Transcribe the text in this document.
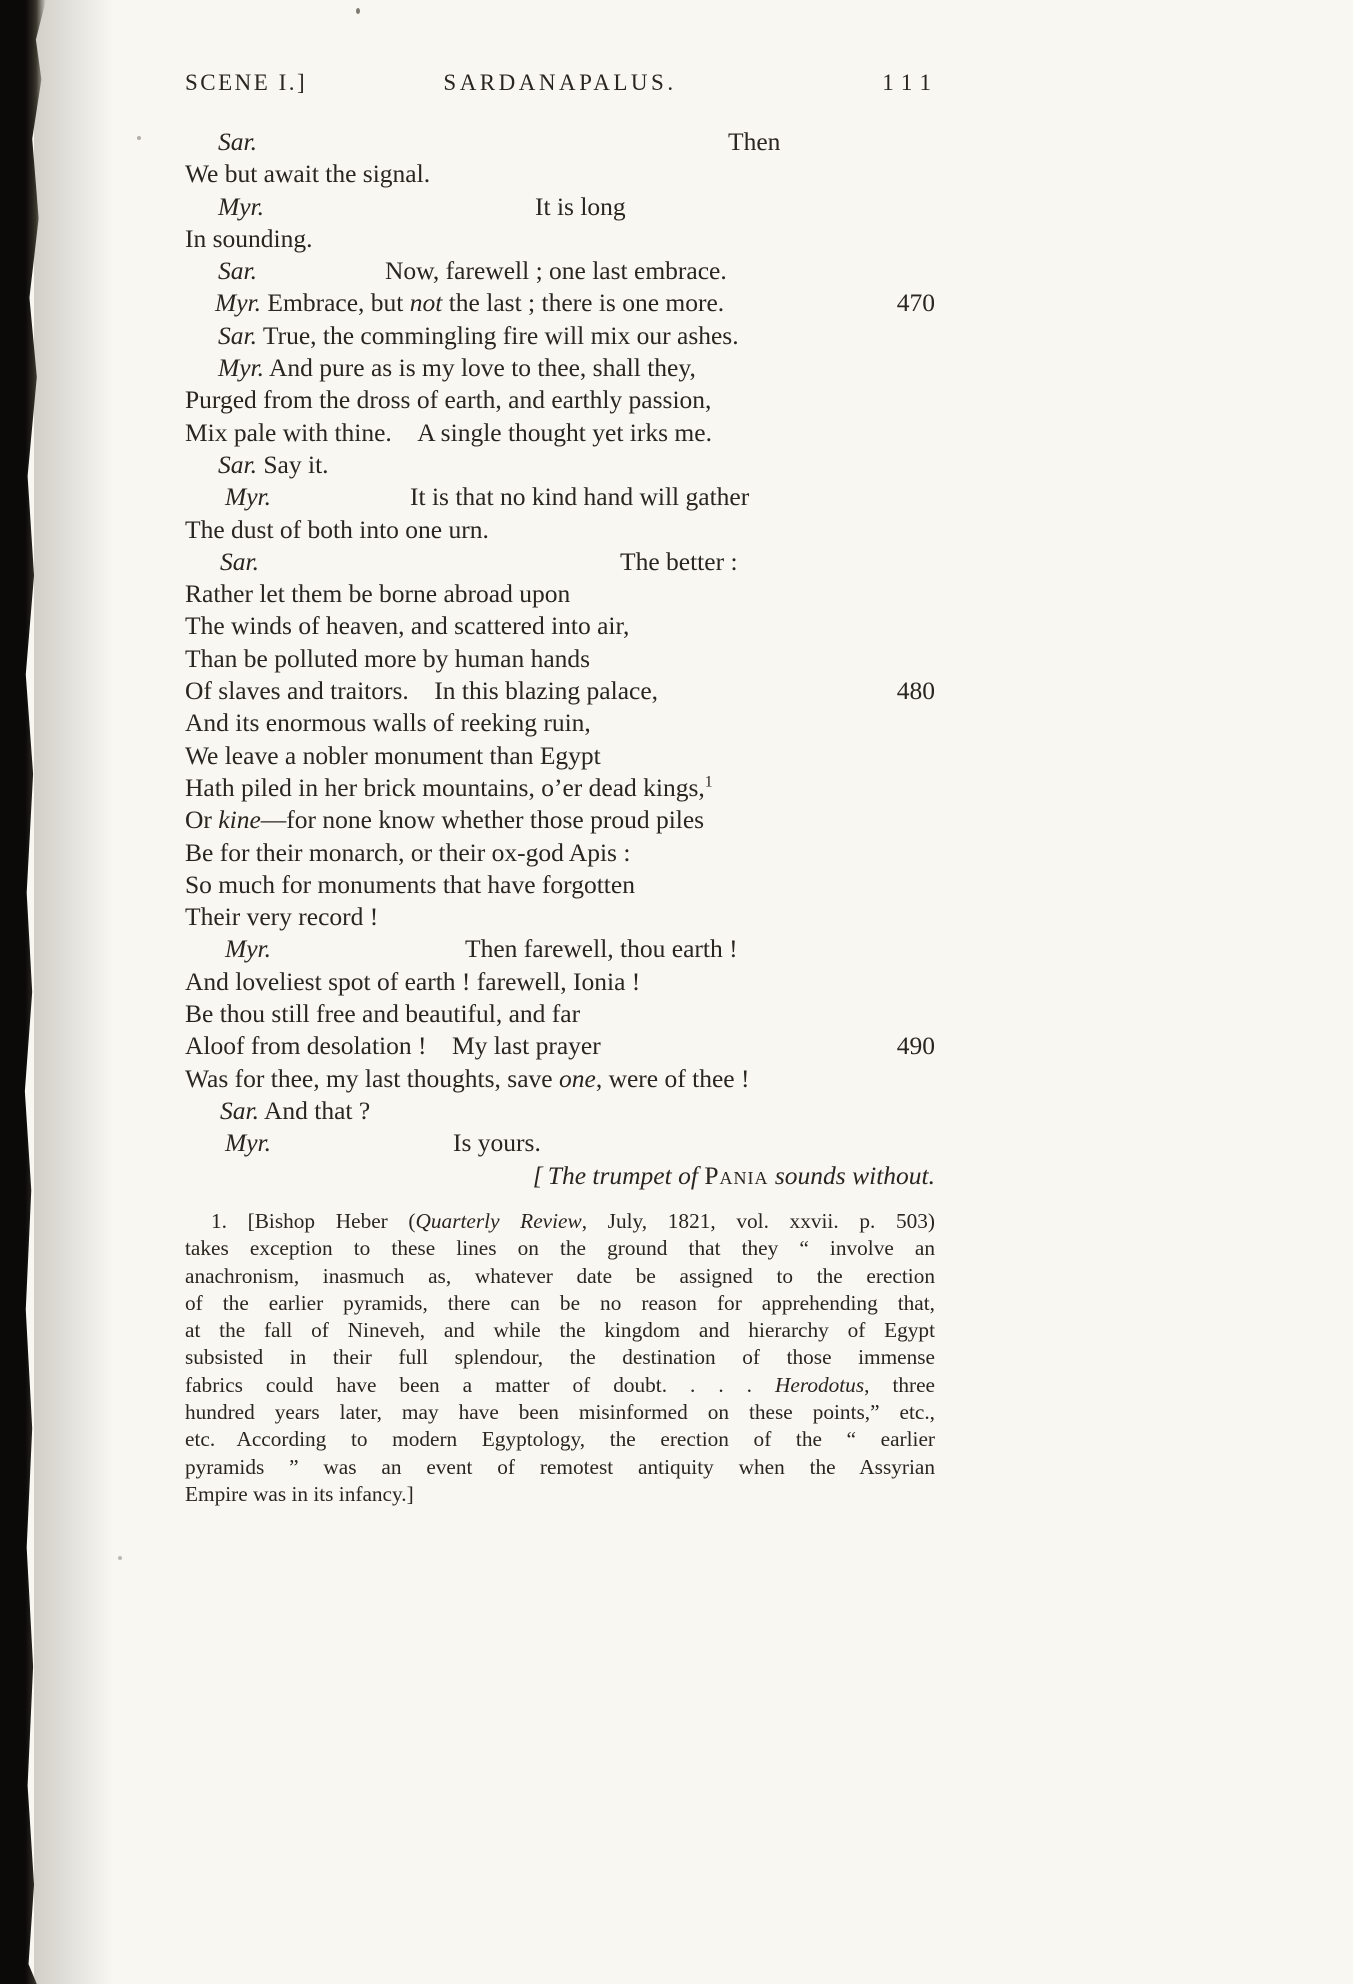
SCENE I.]	SARDANAPALUS.	111
Sar.	Then
We but await the signal.
Myr.	It is long
In sounding.
Sar.	Now, farewell ; one last embrace.
Myr. Embrace, but not the last ; there is one more.	470
Sar. True, the commingling fire will mix our ashes.
Myr. And pure as is my love to thee, shall they,
Purged from the dross of earth, and earthly passion,
Mix pale with thine. A single thought yet irks me.
Sar. Say it.
Myr.	It is that no kind hand will gather
The dust of both into one urn.
Sar.	The better :
Rather let them be borne abroad upon
The winds of heaven, and scattered into air,
Than be polluted more by human hands
Of slaves and traitors. In this blazing palace,	480
And its enormous walls of reeking ruin,
We leave a nobler monument than Egypt
Hath piled in her brick mountains, o’er dead kings,$^1$
Or kine—for none know whether those proud piles
Be for their monarch, or their ox-god Apis :
So much for monuments that have forgotten
Their very record !
Myr.	Then farewell, thou earth !
And loveliest spot of earth ! farewell, Ionia !
Be thou still free and beautiful, and far
Aloof from desolation ! My last prayer	490
Was for thee, my last thoughts, save one, were of thee !
Sar. And that ?
Myr.	Is yours.
[ The trumpet of Pania sounds without.
1. [Bishop Heber (Quarterly Review, July, 1821, vol. xxvii. p. 503)
takes exception to these lines on the ground that they “ involve an
anachronism, inasmuch as, whatever date be assigned to the erection
of the earlier pyramids, there can be no reason for apprehending that,
at the fall of Nineveh, and while the kingdom and hierarchy of Egypt
subsisted in their full splendour, the destination of those immense
fabrics could have been a matter of doubt. . . . Herodotus, three
hundred years later, may have been misinformed on these points,” etc.,
etc. According to modern Egyptology, the erection of the “ earlier
pyramids ” was an event of remotest antiquity when the Assyrian
Empire was in its infancy.]
